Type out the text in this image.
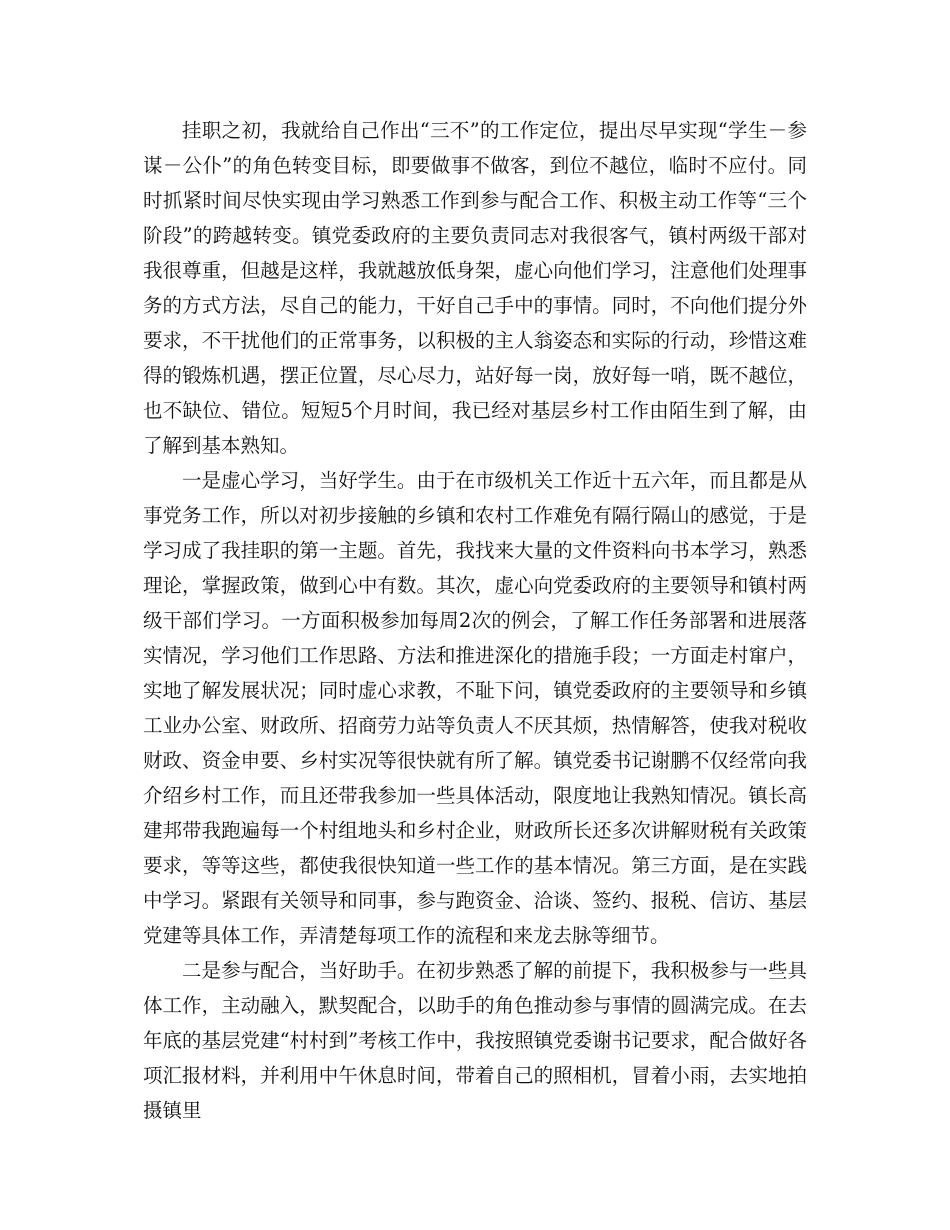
挂职之初，我就给自己作出“三不”的工作定位，提出尽早实现“学生－参谋－公仆”的角色转变目标，即要做事不做客，到位不越位，临时不应付。同时抓紧时间尽快实现由学习熟悉工作到参与配合工作、积极主动工作等“三个阶段”的跨越转变。镇党委政府的主要负责同志对我很客气，镇村两级干部对我很尊重，但越是这样，我就越放低身架，虚心向他们学习，注意他们处理事务的方式方法，尽自己的能力，干好自己手中的事情。同时，不向他们提分外要求，不干扰他们的正常事务，以积极的主人翁姿态和实际的行动，珍惜这难得的锻炼机遇，摆正位置，尽心尽力，站好每一岗，放好每一哨，既不越位，也不缺位、错位。短短5个月时间，我已经对基层乡村工作由陌生到了解，由了解到基本熟知。

一是虚心学习，当好学生。由于在市级机关工作近十五六年，而且都是从事党务工作，所以对初步接触的乡镇和农村工作难免有隔行隔山的感觉，于是学习成了我挂职的第一主题。首先，我找来大量的文件资料向书本学习，熟悉理论，掌握政策，做到心中有数。其次，虚心向党委政府的主要领导和镇村两级干部们学习。一方面积极参加每周2次的例会，了解工作任务部署和进展落实情况，学习他们工作思路、方法和推进深化的措施手段；一方面走村窜户，实地了解发展状况；同时虚心求教，不耻下问，镇党委政府的主要领导和乡镇工业办公室、财政所、招商劳力站等负责人不厌其烦，热情解答，使我对税收财政、资金申要、乡村实况等很快就有所了解。镇党委书记谢鹏不仅经常向我介绍乡村工作，而且还带我参加一些具体活动，限度地让我熟知情况。镇长高建邦带我跑遍每一个村组地头和乡村企业，财政所长还多次讲解财税有关政策要求，等等这些，都使我很快知道一些工作的基本情况。第三方面，是在实践中学习。紧跟有关领导和同事，参与跑资金、洽谈、签约、报税、信访、基层党建等具体工作，弄清楚每项工作的流程和来龙去脉等细节。

二是参与配合，当好助手。在初步熟悉了解的前提下，我积极参与一些具体工作，主动融入，默契配合，以助手的角色推动参与事情的圆满完成。在去年底的基层党建“村村到”考核工作中，我按照镇党委谢书记要求，配合做好各项汇报材料，并利用中午休息时间，带着自己的照相机，冒着小雨，去实地拍摄镇里
